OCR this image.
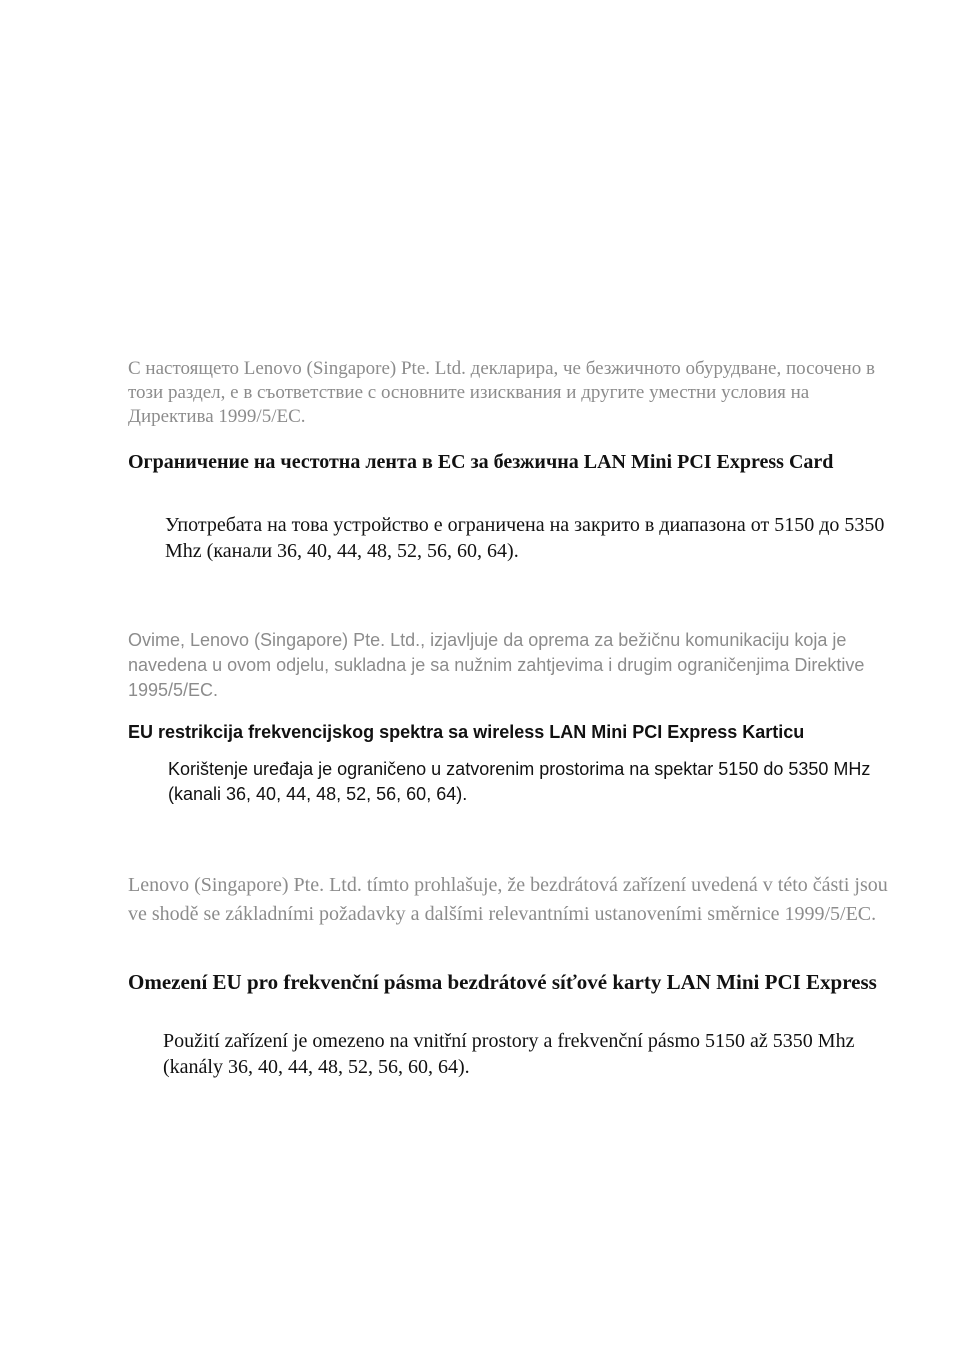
С настоящето Lenovo (Singapore) Pte. Ltd. декларира, че безжичното обурудване, посочено в този раздел, е в съответствие с основните изисквания и другите уместни условия на Директива 1999/5/ЕС.

Ограничение на честотна лента в ЕС за безжична LAN Mini PCI Express Card

Употребата на това устройство е ограничена на закрито в диапазона от 5150 до 5350 Mhz (канали 36, 40, 44, 48, 52, 56, 60, 64).

Ovime, Lenovo (Singapore) Pte. Ltd., izjavljuje da oprema za bežičnu komunikaciju koja je navedena u ovom odjelu, sukladna je sa nužnim zahtjevima i drugim ograničenjima Direktive 1995/5/EC.

EU restrikcija frekvencijskog spektra sa wireless LAN Mini PCI Express Karticu

Korištenje uređaja je ograničeno u zatvorenim prostorima na spektar 5150 do 5350 MHz (kanali 36, 40, 44, 48, 52, 56, 60, 64).

Lenovo (Singapore) Pte. Ltd. tímto prohlašuje, že bezdrátová zařízení uvedená v této části jsou ve shodě se základními požadavky a dalšími relevantními ustanoveními směrnice 1999/5/EC.

Omezení EU pro frekvenční pásma bezdrátové síťové karty LAN Mini PCI Express

Použití zařízení je omezeno na vnitřní prostory a frekvenční pásmo 5150 až 5350 Mhz (kanály 36, 40, 44, 48, 52, 56, 60, 64).
